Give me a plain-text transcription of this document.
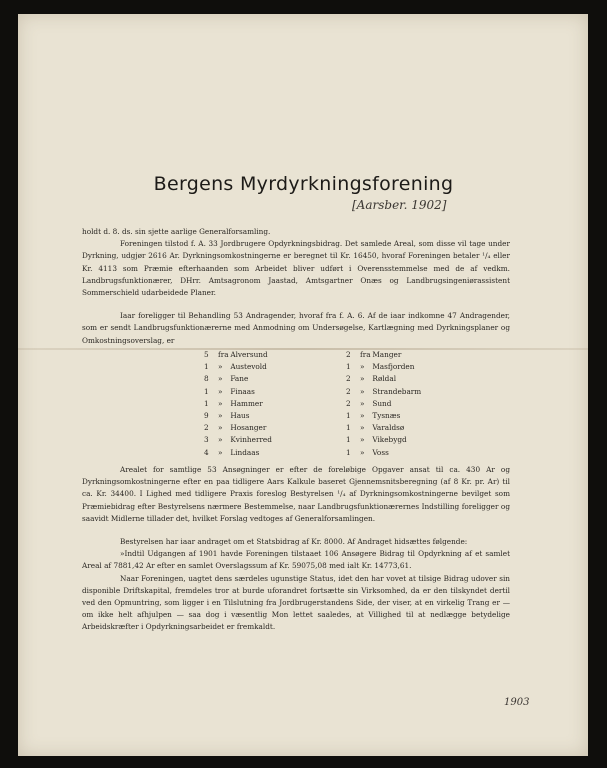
Bergens Myrdyrkningsforening
[Aarsber. 1902]

holdt d. 8. ds. sin sjette aarlige Generalforsamling.

Foreningen tilstod f. A. 33 Jordbrugere Opdyrkningsbidrag. Det samlede Areal, som disse vil tage under Dyrkning, udgjør 2616 Ar. Dyrkningsomkostningerne er beregnet til Kr. 16450, hvoraf Foreningen betaler ¹/₄ eller Kr. 4113 som Præmie efterhaanden som Arbeidet bliver udført i Overensstemmelse med de af vedkm. Landbrugsfunktionærer, DHrr. Amtsagronom Jaastad, Amtsgartner Onæs og Landbrugsingeniørassistent Sommerschield udarbeidede Planer.

Iaar foreligger til Behandling 53 Andragender, hvoraf fra f. A. 6. Af de iaar indkomne 47 Andragender, som er sendt Landbrugsfunktionærerne med Anmodning om Undersøgelse, Kartlægning med Dyrkningsplaner og Omkostningsoverslag, er

5 fra Alversund
1 » Austevold
8 » Fane
1 » Finaas
1 » Hammer
9 » Haus
2 » Hosanger
3 » Kvinherred
4 » Lindaas
2 fra Manger
1 » Masfjorden
2 » Røldal
2 » Strandebarm
2 » Sund
1 » Tysnæs
1 » Varaldsø
1 » Vikebygd
1 » Voss

Arealet for samtlige 53 Ansøgninger er efter de foreløbige Opgaver ansat til ca. 430 Ar og Dyrkningsomkostningerne efter en paa tidligere Aars Kalkule baseret Gjennemsnitsberegning (af 8 Kr. pr. Ar) til ca. Kr. 34400. I Lighed med tidligere Praxis foreslog Bestyrelsen ¹/₄ af Dyrkningsomkostningerne bevilget som Præmiebidrag efter Bestyrelsens nærmere Bestemmelse, naar Landbrugsfunktionærernes Indstilling foreligger og saavidt Midlerne tillader det, hvilket Forslag vedtoges af Generalforsamlingen.

Bestyrelsen har iaar andraget om et Statsbidrag af Kr. 8000. Af Andraget hidsættes følgende:

»Indtil Udgangen af 1901 havde Foreningen tilstaaet 106 Ansøgere Bidrag til Opdyrkning af et samlet Areal af 7881,42 Ar efter en samlet Overslagssum af Kr. 59075,08 med ialt Kr. 14773,61.

Naar Foreningen, uagtet dens særdeles ugunstige Status, idet den har vovet at tilsige Bidrag udover sin disponible Driftskapital, fremdeles tror at burde uforandret fortsætte sin Virksomhed, da er den tilskyndet dertil ved den Opmuntring, som ligger i en Tilslutning fra Jordbrugerstandens Side, der viser, at en virkelig Trang er — om ikke helt afhjulpen — saa dog i væsentlig Mon lettet saaledes, at Villighed til at nedlægge betydelige Arbeidskræfter i Opdyrkningsarbeidet er fremkaldt.

1903
